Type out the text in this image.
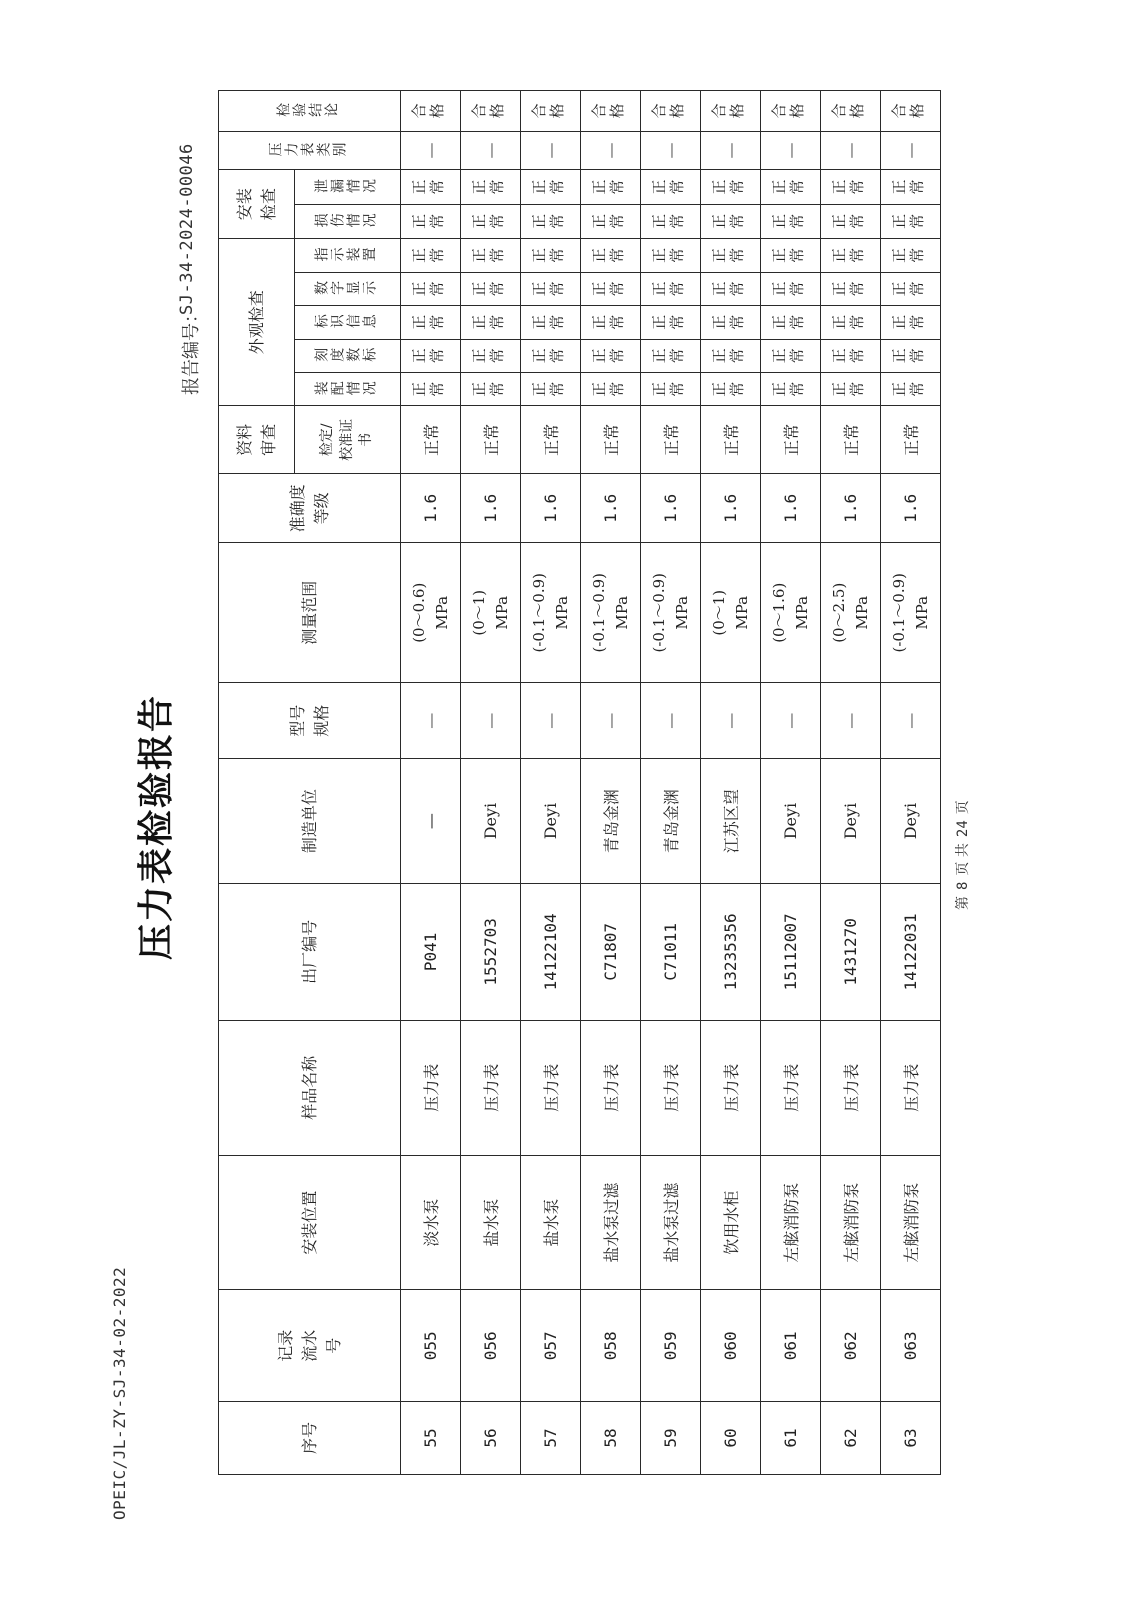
OPEIC/JL-ZY-SJ-34-02-2022
报告编号：
SJ-34-2024-00046
压力表检验报告
序号	记录流水号	安装位置	样品名称	出厂编号	制造单位	型号规格	测量范围	准确度等级	资料审查	外观检查					安装检查		压力表类别	检验结论
									检定/校准证书	装配情况	刻度数标	标识信息	数字显示	指示装置	损伤情况	泄漏情况		
55	055	淡水泵	压力表	P041	—	—	(0～0.6) MPa	1.6	正常	正常	正常	正常	正常	正常	正常	正常	—	合格
56	056	盐水泵	压力表	1552703	Deyi	—	(0～1) MPa	1.6	正常	正常	正常	正常	正常	正常	正常	正常	—	合格
57	057	盐水泵	压力表	14122104	Deyi	—	(-0.1～0.9) MPa	1.6	正常	正常	正常	正常	正常	正常	正常	正常	—	合格
58	058	盐水泵过滤	压力表	C71807	青岛金渊	—	(-0.1～0.9) MPa	1.6	正常	正常	正常	正常	正常	正常	正常	正常	—	合格
59	059	盐水泵过滤	压力表	C71011	青岛金渊	—	(-0.1～0.9) MPa	1.6	正常	正常	正常	正常	正常	正常	正常	正常	—	合格
60	060	饮用水柜	压力表	13235356	江苏区望	—	(0～1) MPa	1.6	正常	正常	正常	正常	正常	正常	正常	正常	—	合格
61	061	左舷消防泵	压力表	15112007	Deyi	—	(0～1.6) MPa	1.6	正常	正常	正常	正常	正常	正常	正常	正常	—	合格
62	062	左舷消防泵	压力表	1431270	Deyi	—	(0～2.5) MPa	1.6	正常	正常	正常	正常	正常	正常	正常	正常	—	合格
63	063	左舷消防泵	压力表	14122031	Deyi	—	(-0.1～0.9) MPa	1.6	正常	正常	正常	正常	正常	正常	正常	正常	—	合格
第8页 共24页
